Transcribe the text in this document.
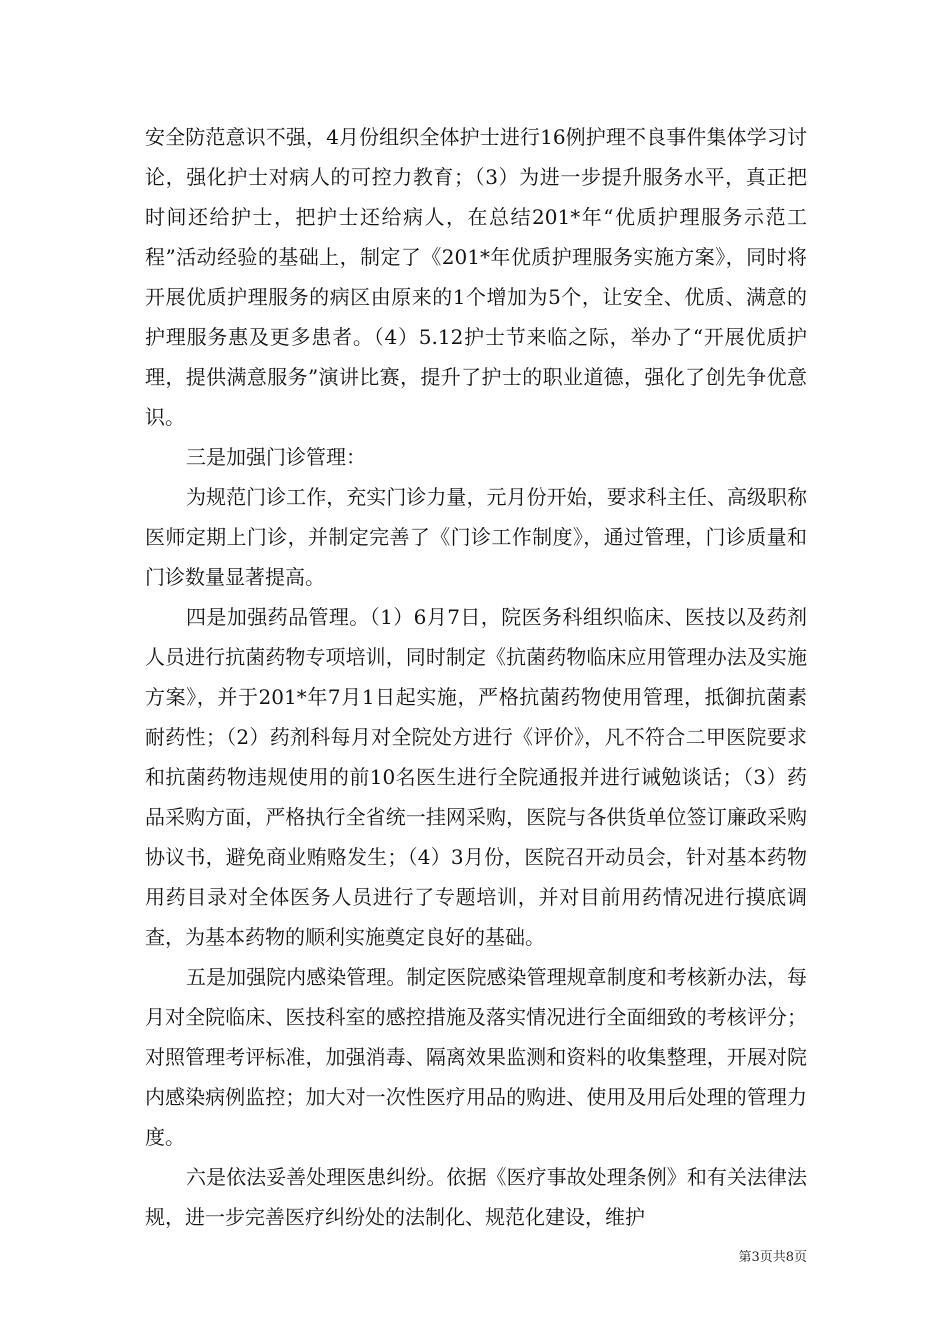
安全防范意识不强，4月份组织全体护士进行16例护理不良事件集体学习讨论，强化护士对病人的可控力教育；（3）为进一步提升服务水平，真正把时间还给护士，把护士还给病人，在总结201*年“优质护理服务示范工程”活动经验的基础上，制定了《201*年优质护理服务实施方案》，同时将开展优质护理服务的病区由原来的1个增加为5个，让安全、优质、满意的护理服务惠及更多患者。（4）5.12护士节来临之际，举办了“开展优质护理，提供满意服务”演讲比赛，提升了护士的职业道德，强化了创先争优意识。

三是加强门诊管理：

为规范门诊工作，充实门诊力量，元月份开始，要求科主任、高级职称医师定期上门诊，并制定完善了《门诊工作制度》，通过管理，门诊质量和门诊数量显著提高。

四是加强药品管理。（1）6月7日，院医务科组织临床、医技以及药剂人员进行抗菌药物专项培训，同时制定《抗菌药物临床应用管理办法及实施方案》，并于201*年7月1日起实施，严格抗菌药物使用管理，抵御抗菌素耐药性；（2）药剂科每月对全院处方进行《评价》，凡不符合二甲医院要求和抗菌药物违规使用的前10名医生进行全院通报并进行诫勉谈话；（3）药品采购方面，严格执行全省统一挂网采购，医院与各供货单位签订廉政采购协议书，避免商业贿赂发生；（4）3月份，医院召开动员会，针对基本药物用药目录对全体医务人员进行了专题培训，并对目前用药情况进行摸底调查，为基本药物的顺利实施奠定良好的基础。

五是加强院内感染管理。制定医院感染管理规章制度和考核新办法，每月对全院临床、医技科室的感控措施及落实情况进行全面细致的考核评分；对照管理考评标准，加强消毒、隔离效果监测和资料的收集整理，开展对院内感染病例监控；加大对一次性医疗用品的购进、使用及用后处理的管理力度。

六是依法妥善处理医患纠纷。依据《医疗事故处理条例》和有关法律法规，进一步完善医疗纠纷处的法制化、规范化建设，维护

第3页共8页
